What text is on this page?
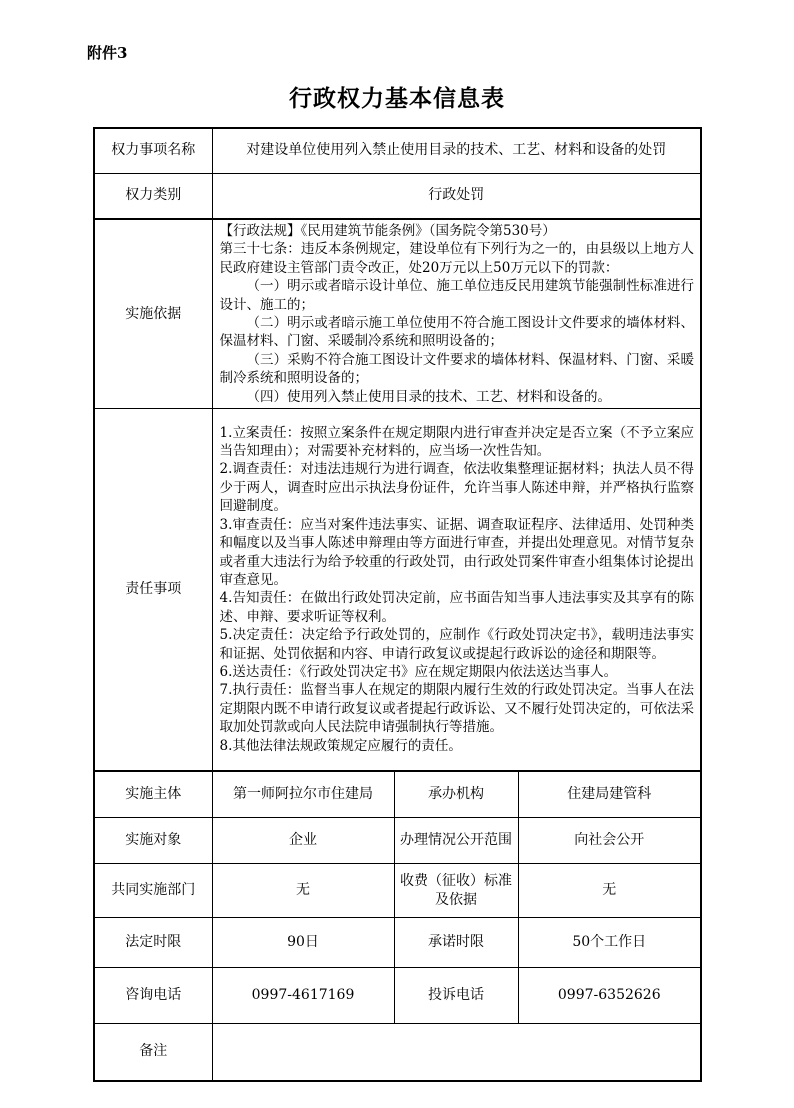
附件3
行政权力基本信息表
权力事项名称	对建设单位使用列入禁止使用目录的技术、工艺、材料和设备的处罚		
权力类别	行政处罚		
实施依据	

【行政法规】《民用建筑节能条例》（国务院令第530号）

第三十七条：违反本条例规定，建设单位有下列行为之一的，由县级以上地方人民政府建设主管部门责令改正，处20万元以上50万元以下的罚款：

（一）明示或者暗示设计单位、施工单位违反民用建筑节能强制性标准进行设计、施工的；

（二）明示或者暗示施工单位使用不符合施工图设计文件要求的墙体材料、保温材料、门窗、采暖制冷系统和照明设备的；

（三）采购不符合施工图设计文件要求的墙体材料、保温材料、门窗、采暖制冷系统和照明设备的；

（四）使用列入禁止使用目录的技术、工艺、材料和设备的。

责任事项	

1.立案责任：按照立案条件在规定期限内进行审查并决定是否立案（不予立案应当告知理由）；对需要补充材料的，应当场一次性告知。

2.调查责任：对违法违规行为进行调查，依法收集整理证据材料；执法人员不得少于两人，调查时应出示执法身份证件，允许当事人陈述申辩，并严格执行监察回避制度。

3.审查责任：应当对案件违法事实、证据、调查取证程序、法律适用、处罚种类和幅度以及当事人陈述申辩理由等方面进行审查，并提出处理意见。对情节复杂或者重大违法行为给予较重的行政处罚，由行政处罚案件审查小组集体讨论提出审查意见。

4.告知责任：在做出行政处罚决定前，应书面告知当事人违法事实及其享有的陈述、申辩、要求听证等权利。

5.决定责任：决定给予行政处罚的，应制作《行政处罚决定书》，载明违法事实和证据、处罚依据和内容、申请行政复议或提起行政诉讼的途径和期限等。

6.送达责任：《行政处罚决定书》应在规定期限内依法送达当事人。

7.执行责任：监督当事人在规定的期限内履行生效的行政处罚决定。当事人在法定期限内既不申请行政复议或者提起行政诉讼、又不履行处罚决定的，可依法采取加处罚款或向人民法院申请强制执行等措施。

8.其他法律法规政策规定应履行的责任。

实施主体	第一师阿拉尔市住建局	承办机构	住建局建管科
实施对象	企业	办理情况公开范围	向社会公开
共同实施部门	无	收费（征收）标准及依据	无
法定时限	90日	承诺时限	50个工作日
咨询电话	0997-4617169	投诉电话	0997-6352626
备注			
